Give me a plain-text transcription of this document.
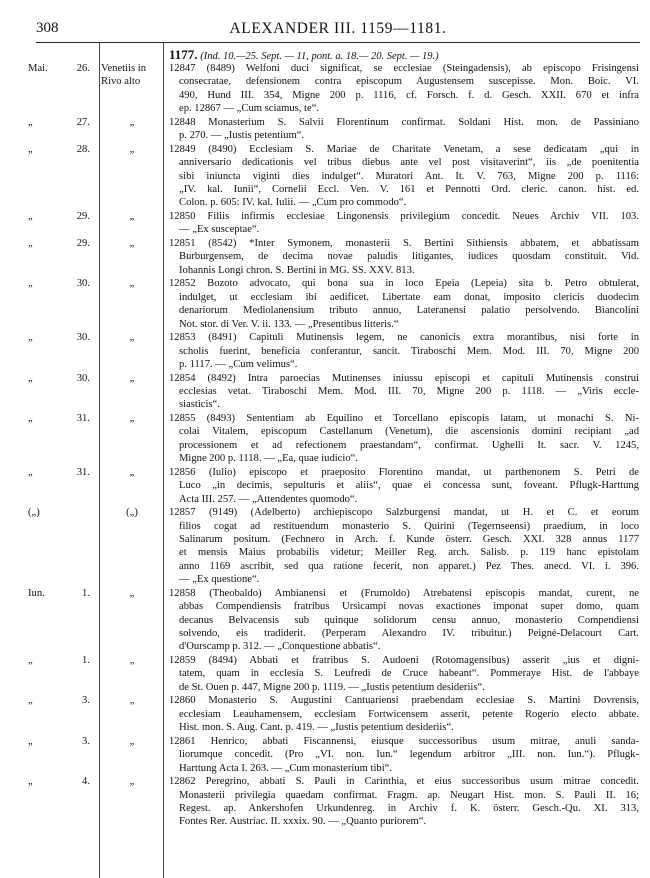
308	ALEXANDER III. 1159—1181.
1177. (Ind. 10.—25. Sept. — 11, pont. a. 18.— 20. Sept. — 19.)
Mai.	26.	Venetiis in
Rivo alto
12847 (8489) Welfoni duci significat, se ecclesiae (Steingadensis), ab episcopo Frisingensi
consecratae, defensionem contra episcopum Augustensem suscepisse. Mon. Boic. VI.
490, Hund III. 354, Migne 200 p. 1116, cf. Forsch. f. d. Gesch. XXII. 670 et infra
ep. 12867 — „Cum sciamus, te“.
„	27.	„	12848 Monasterium S. Salvii Florentinum confirmat. Soldani Hist. mon. de Passiniano
p. 270. — „Iustis petentium“.
„	28.	„	12849 (8490) Ecclesiam S. Mariae de Charitate Venetam, a sese dedicatam „qui in
anniversario dedicationis vel tribus diebus ante vel post visitaverint“, iis „de poenitentia
sibi iniuncta viginti dies indulget“. Muratori Ant. It. V. 763, Migne 200 p. 1116:
„IV. kal. Iunii“, Cornelii Eccl. Ven. V. 161 et Pennotti Ord. cleric. canon. hist. ed.
Colon. p. 605: IV. kal. Iulii. — „Cum pro commodo“.
„	29.	„	12850 Filiis infirmis ecclesiae Lingonensis privilegium concedit. Neues Archiv VII. 103.
— „Ex susceptae“.
„	29.	„	12851 (8542) *Inter Symonem, monasterii S. Bertini Sithiensis abbatem, et abbatissam
Burburgensem, de decima novae paludis litigantes, iudices quosdam constituit. Vid.
Iohannis Longi chron. S. Bertini in MG. SS. XXV. 813.
„	30.	„	12852 Bozoto advocato, qui bona sua in loco Epeia (Lepeia) sita b. Petro obtulerat,
indulget, ut ecclesiam ibi aedificet. Libertate eam donat, imposito clericis duodecim
denariorum Mediolanensium tributo annuo, Lateranensi palatio persolvendo. Biancolini
Not. stor. di Ver. V. ii. 133. — „Presentibus litteris.“
„	30.	„	12853 (8491) Capituli Mutinensis legem, ne canonicis extra morantibus, nisi forte in
scholis fuerint, beneficia conferantur, sancit. Tiraboschi Mem. Mod. III. 70, Migne 200
p. 1117. — „Cum velimus“.
„	30.	„	12854 (8492) Intra paroecias Mutinenses iniussu episcopi et capituli Mutinensis construi
ecclesias vetat. Tiraboschi Mem. Mod. III. 70, Migne 200 p. 1118. — „Viris eccle-
siasticis“.
„	31.	„	12855 (8493) Sententiam ab Equilino et Torcellano episcopis latam, ut monachi S. Ni-
colai Vitalem, episcopum Castellanum (Venetum), die ascensionis domini recipiant „ad
processionem et ad refectionem praestandam“, confirmat. Ughelli It. sacr. V. 1245,
Migne 200 p. 1118. — „Ea, quae iudicio“.
„	31.	„	12856 (Iulio) episcopo et praeposito Florentino mandat, ut parthenonem S. Petri de
Luco „in decimis, sepulturis et aliis“, quae ei concessa sunt, foveant. Pflugk-Harttung
Acta III. 257. — „Attendentes quomodo“.
(„)	(„)	12857 (9149) (Adelberto) archiepiscopo Salzburgensi mandat, ut H. et C. et eorum
filios cogat ad restituendum monasterio S. Quirini (Tegernseensi) praedium, in loco
Salinarum positum. (Fechnero in Arch. f. Kunde österr. Gesch. XXI. 328 annus 1177
et mensis Maius probabilis videtur; Meiller Reg. arch. Salisb. p. 119 hanc epistolam
anno 1169 ascribit, sed qua ratione fecerit, non apparet.) Pez Thes. anecd. VI. i. 396.
— „Ex questione“.
Iun.	1.	„	12858 (Theobaldo) Ambianensi et (Frumoldo) Atrebatensi episcopis mandat, curent, ne
abbas Compendiensis fratribus Ursicampi novas exactiones imponat super domo, quam
decanus Belvacensis sub quinque solidorum censu annuo, monasterio Compendiensi
solvendo, eis tradiderit. (Perperam Alexandro IV. tribuitur.) Peigné-Delacourt Cart.
d'Ourscamp p. 312. — „Conquestione abbatis“.
„	1.	„	12859 (8494) Abbati et fratribus S. Audoeni (Rotomagensibus) asserit „ius et digni-
tatem, quam in ecclesia S. Leufredi de Cruce habeant“. Pommeraye Hist. de l'abbaye
de St. Ouen p. 447, Migne 200 p. 1119. — „Iustis petentium desideriis“.
„	3.	„	12860 Monasterio S. Augustini Cantuariensi praebendam ecclesiae S. Martini Dovrensis,
ecclesiam Leauhamensem, ecclesiam Fortwicensem asserit, petente Rogerio electo abbate.
Hist. mon. S. Aug. Cant. p. 419. — „Iustis petentium desideriis“.
„	3.	„	12861 Henrico, abbati Fiscannensi, eiusque successoribus usum mitrae, anuli sanda-
liorumque concedit. (Pro „VI. non. Iun.“ legendum arbitror „III. non. Iun.“). Pflugk-
Harttung Acta I. 263. — „Cum monasterium tibi“.
„	4.	„	12862 Peregrino, abbati S. Pauli in Carinthia, et eius successoribus usum mitrae concedit.
Monasterii privilegia quaedam confirmat. Fragm. ap. Neugart Hist. mon. S. Pauli II. 16;
Regest. ap. Ankershofen Urkundenreg. in Archiv f. K. österr. Gesch.-Qu. XI. 313,
Fontes Rer. Austriac. II. xxxix. 90. — „Quanto puriorem“.
